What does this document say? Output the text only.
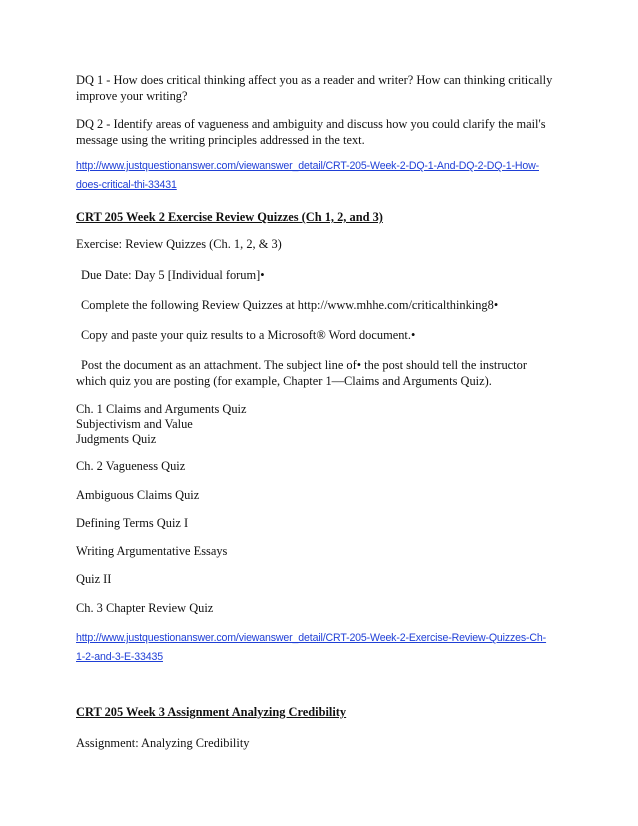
DQ 1 - How does critical thinking affect you as a reader and writer? How can thinking critically
improve your writing?
DQ 2 - Identify areas of vagueness and ambiguity and discuss how you could clarify the mail's
message using the writing principles addressed in the text.
http://www.justquestionanswer.com/viewanswer_detail/CRT-205-Week-2-DQ-1-And-DQ-2-DQ-1-How-
does-critical-thi-33431
CRT 205 Week 2 Exercise Review Quizzes (Ch 1, 2, and 3)
Exercise: Review Quizzes (Ch. 1, 2, & 3)
Due Date: Day 5 [Individual forum]•
Complete the following Review Quizzes at http://www.mhhe.com/criticalthinking8•
Copy and paste your quiz results to a Microsoft® Word document.•
Post the document as an attachment. The subject line of• the post should tell the instructor
which quiz you are posting (for example, Chapter 1—Claims and Arguments Quiz).
Ch. 1 Claims and Arguments Quiz
Subjectivism and Value
Judgments Quiz
Ch. 2 Vagueness Quiz
Ambiguous Claims Quiz
Defining Terms Quiz I
Writing Argumentative Essays
Quiz II
Ch. 3 Chapter Review Quiz
http://www.justquestionanswer.com/viewanswer_detail/CRT-205-Week-2-Exercise-Review-Quizzes-Ch-
1-2-and-3-E-33435
CRT 205 Week 3 Assignment Analyzing Credibility
Assignment: Analyzing Credibility
